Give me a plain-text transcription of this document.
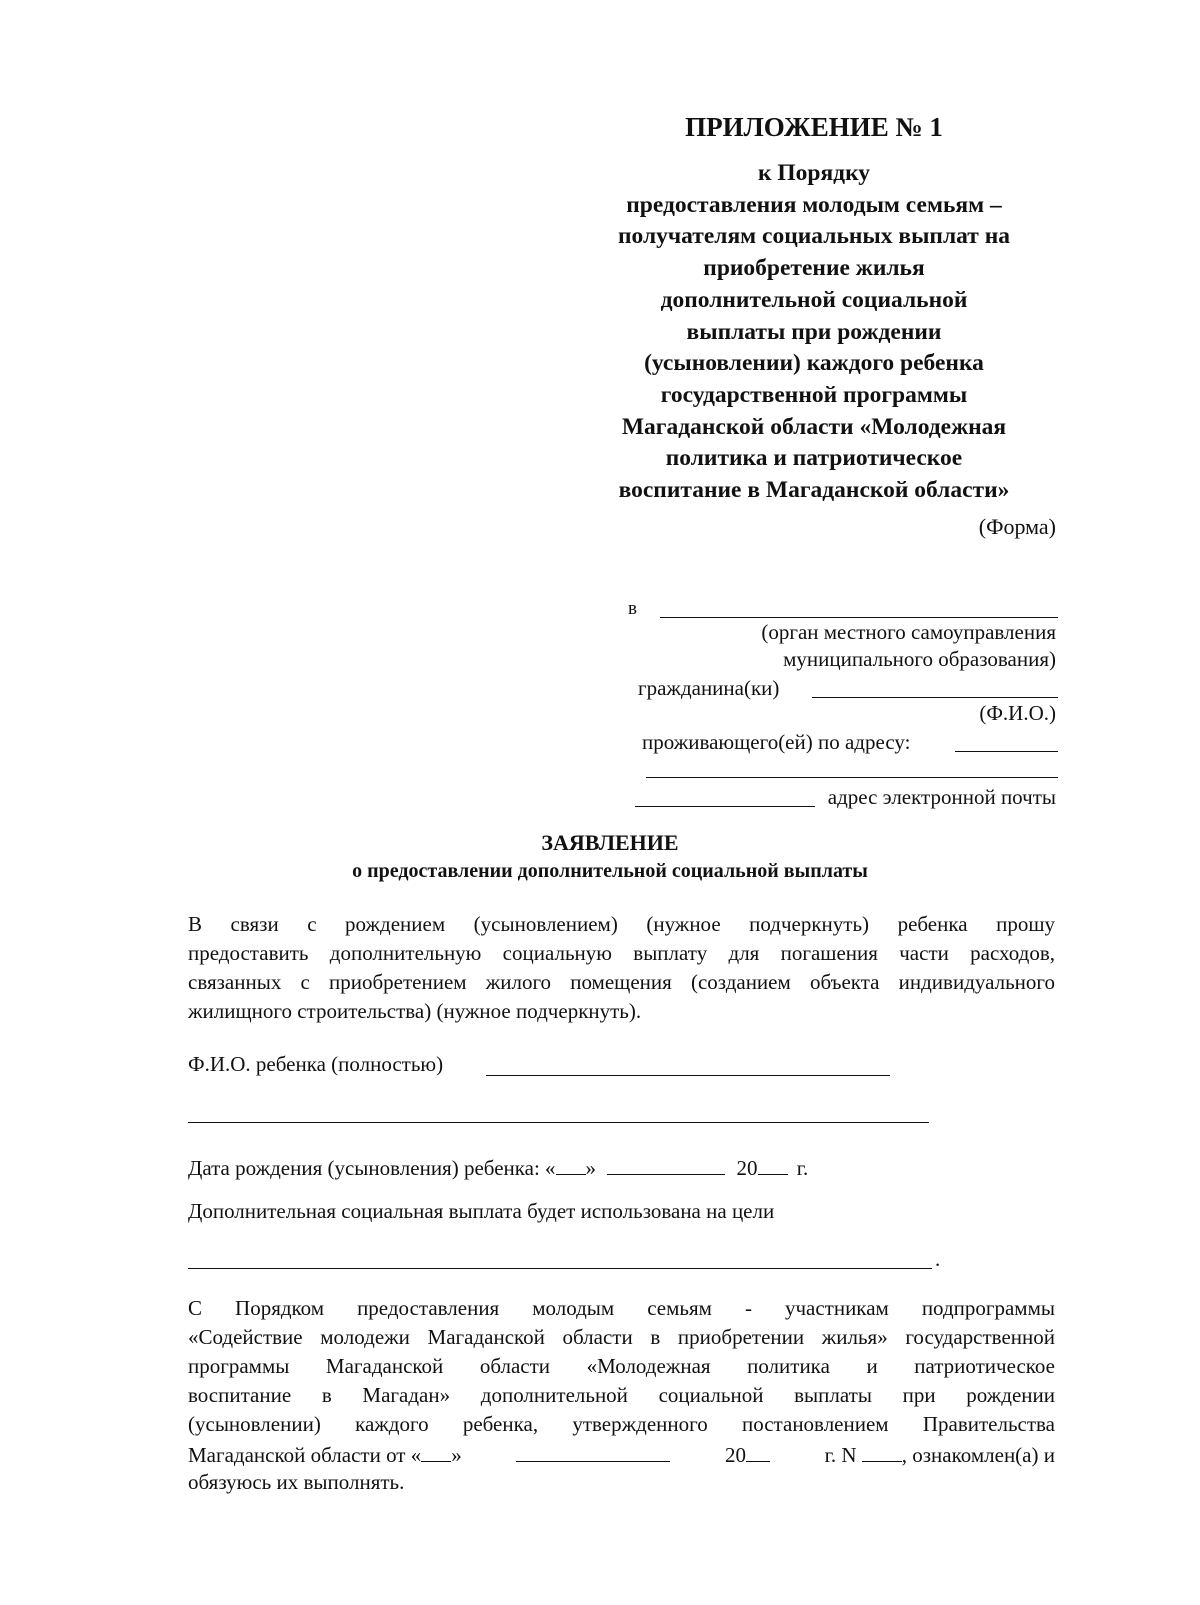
ПРИЛОЖЕНИЕ № 1
к Порядку
предоставления молодым семьям –
получателям социальных выплат на
приобретение жилья
дополнительной социальной
выплаты при рождении
(усыновлении) каждого ребенка
государственной программы
Магаданской области «Молодежная
политика и патриотическое
воспитание в Магаданской области»
(Форма)
в
(орган местного самоуправления
муниципального образования)
гражданина(ки)
(Ф.И.О.)
проживающего(ей) по адресу:
адрес электронной почты
ЗАЯВЛЕНИЕ
о предоставлении дополнительной социальной выплаты
В связи с рождением (усыновлением) (нужное подчеркнуть) ребенка прошу
предоставить дополнительную социальную выплату для погашения части расходов,
связанных с приобретением жилого помещения (созданием объекта индивидуального
жилищного строительства) (нужное подчеркнуть).
Ф.И.О. ребенка (полностью)
Дата рождения (усыновления) ребенка: « »	20 г.
Дополнительная социальная выплата будет использована на цели
.
С Порядком предоставления молодым семьям - участникам подпрограммы
«Содействие молодежи Магаданской области в приобретении жилья» государственной
программы Магаданской области «Молодежная политика и патриотическое
воспитание в Магадан» дополнительной социальной выплаты при рождении
(усыновлении) каждого ребенка, утвержденного постановлением Правительства
Магаданской области от « »	20	г. N , ознакомлен(а) и
обязуюсь их выполнять.
